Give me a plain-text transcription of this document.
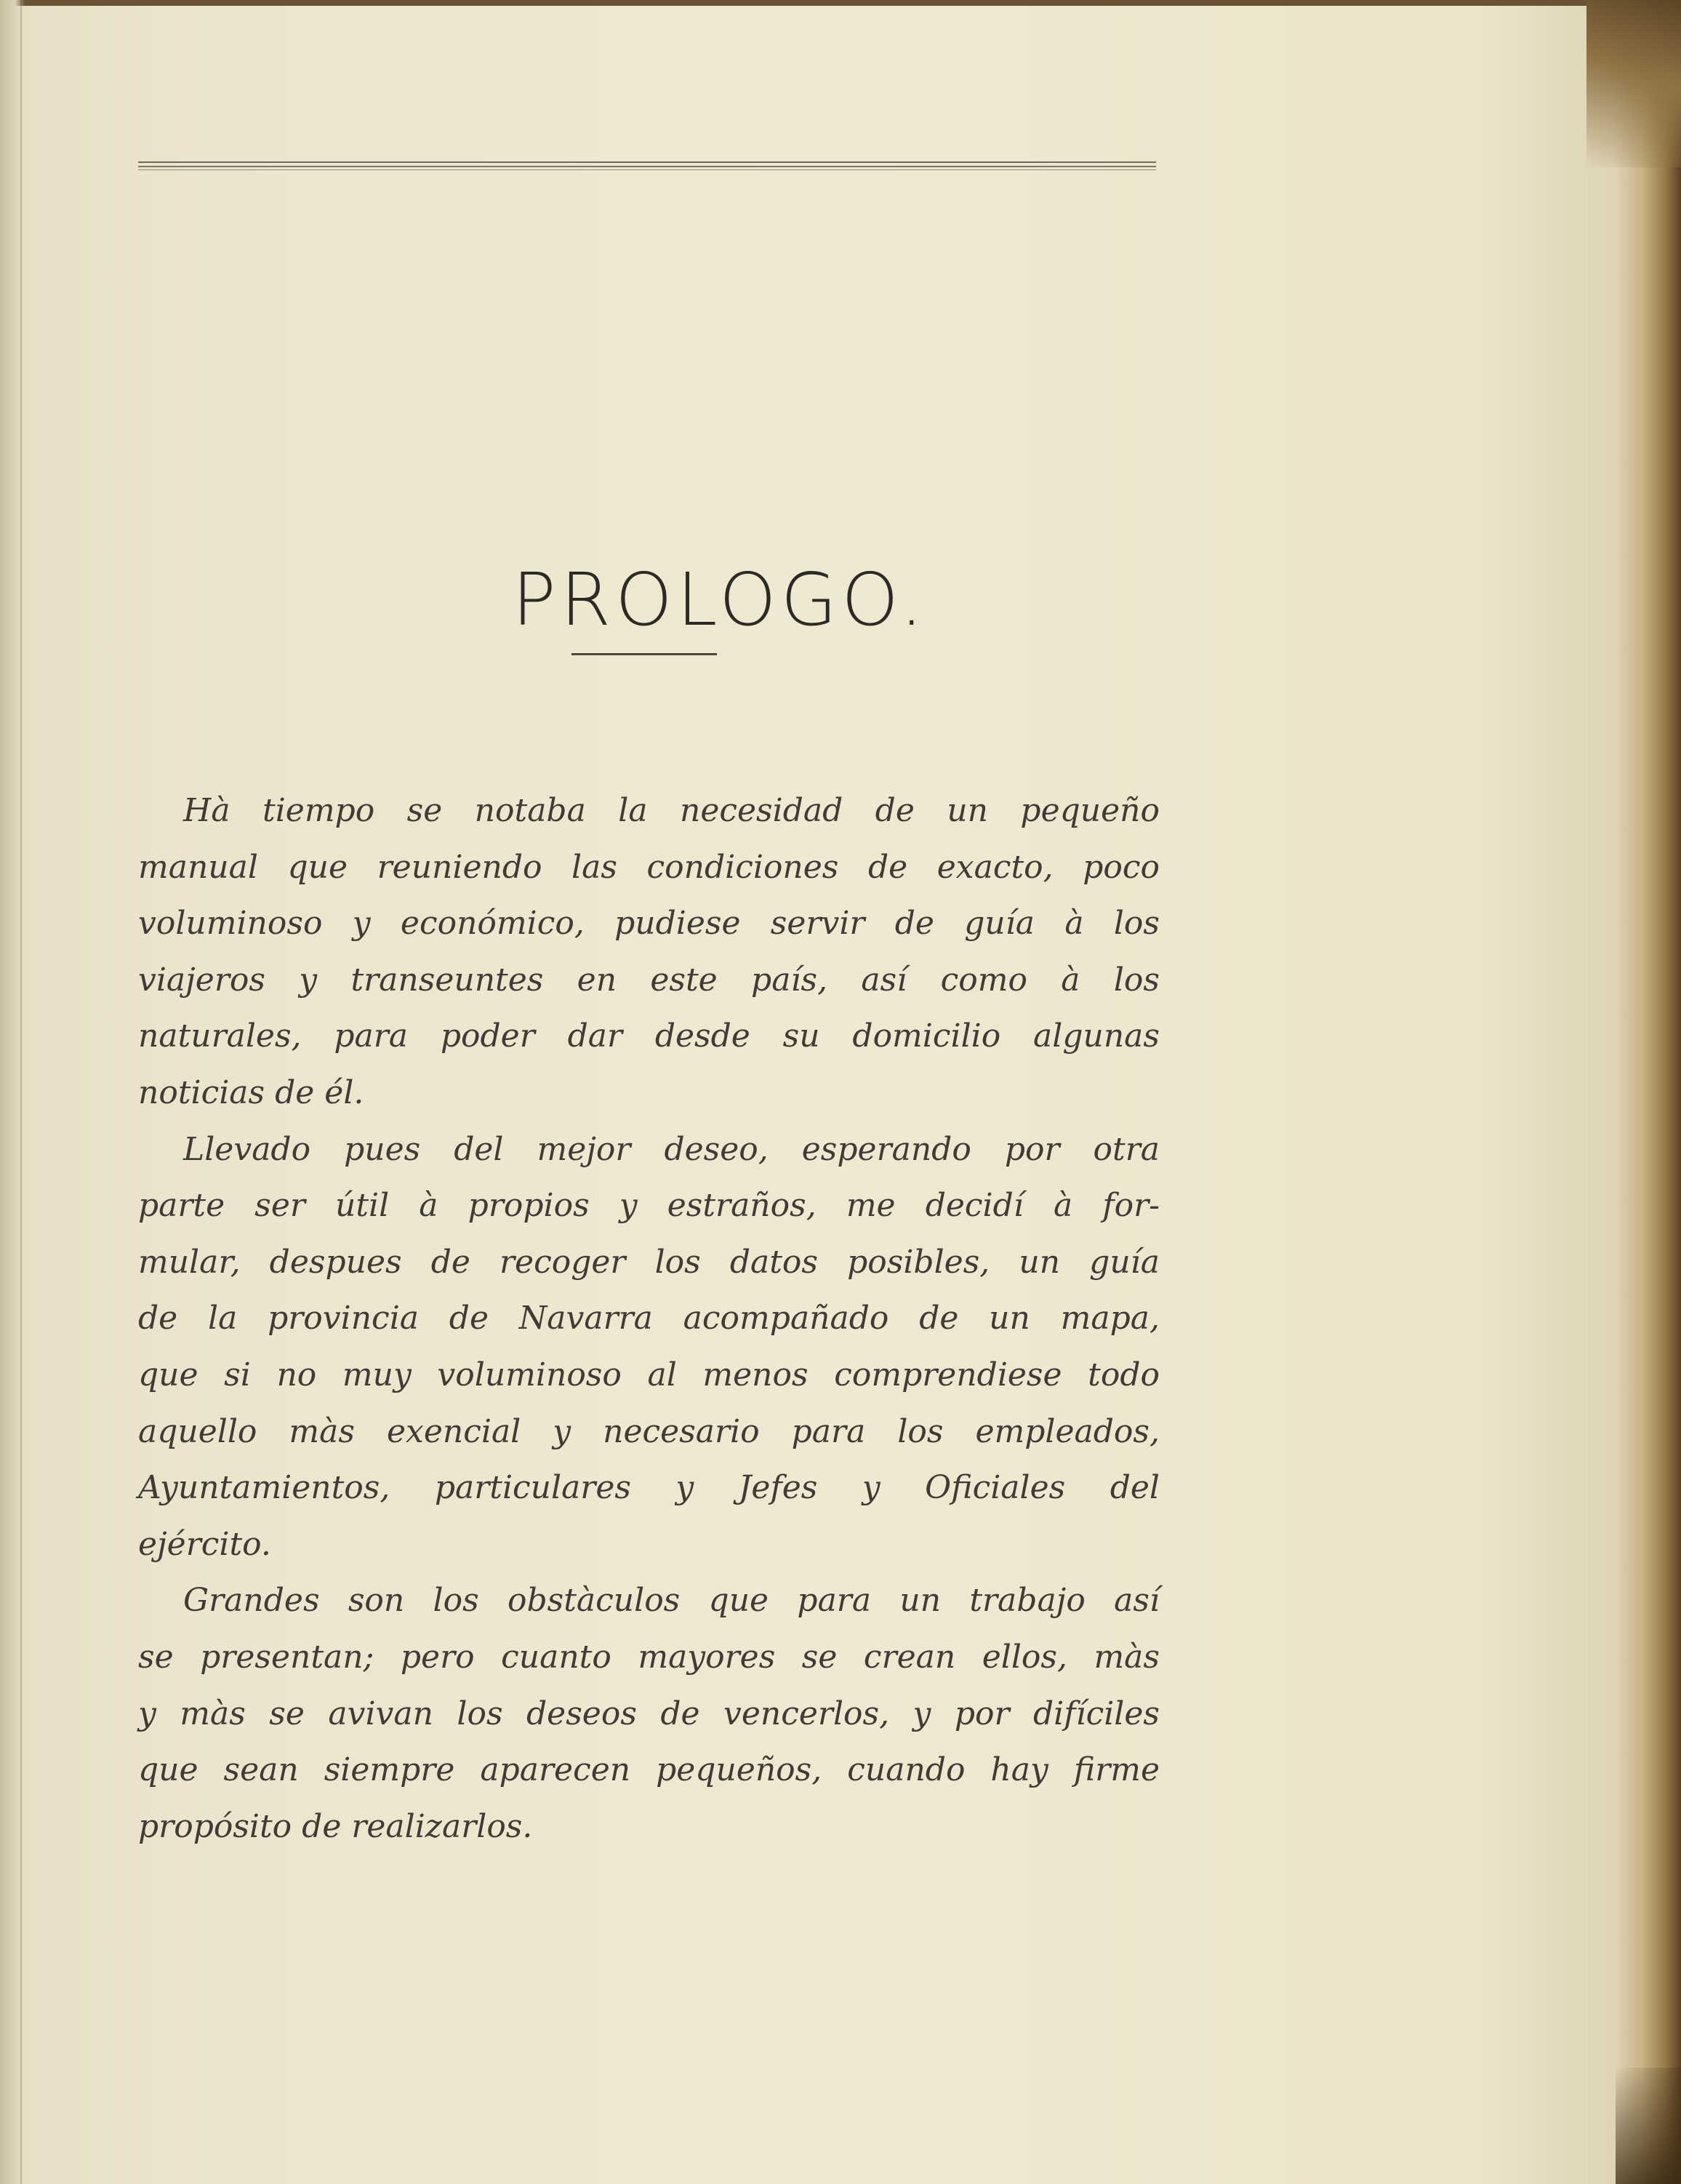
PROLOGO.
Hà tiempo se notaba la necesidad de un pequeño
manual que reuniendo las condiciones de exacto, poco
voluminoso y económico, pudiese servir de guía à los
viajeros y transeuntes en este país, así como à los
naturales, para poder dar desde su domicilio algunas
noticias de él.
Llevado pues del mejor deseo, esperando por otra
parte ser útil à propios y estraños, me decidí à for-
mular, despues de recoger los datos posibles, un guía
de la provincia de Navarra acompañado de un mapa,
que si no muy voluminoso al menos comprendiese todo
aquello màs exencial y necesario para los empleados,
Ayuntamientos, particulares y Jefes y Oficiales del
ejército.
Grandes son los obstàculos que para un trabajo así
se presentan; pero cuanto mayores se crean ellos, màs
y màs se avivan los deseos de vencerlos, y por difíciles
que sean siempre aparecen pequeños, cuando hay firme
propósito de realizarlos.
